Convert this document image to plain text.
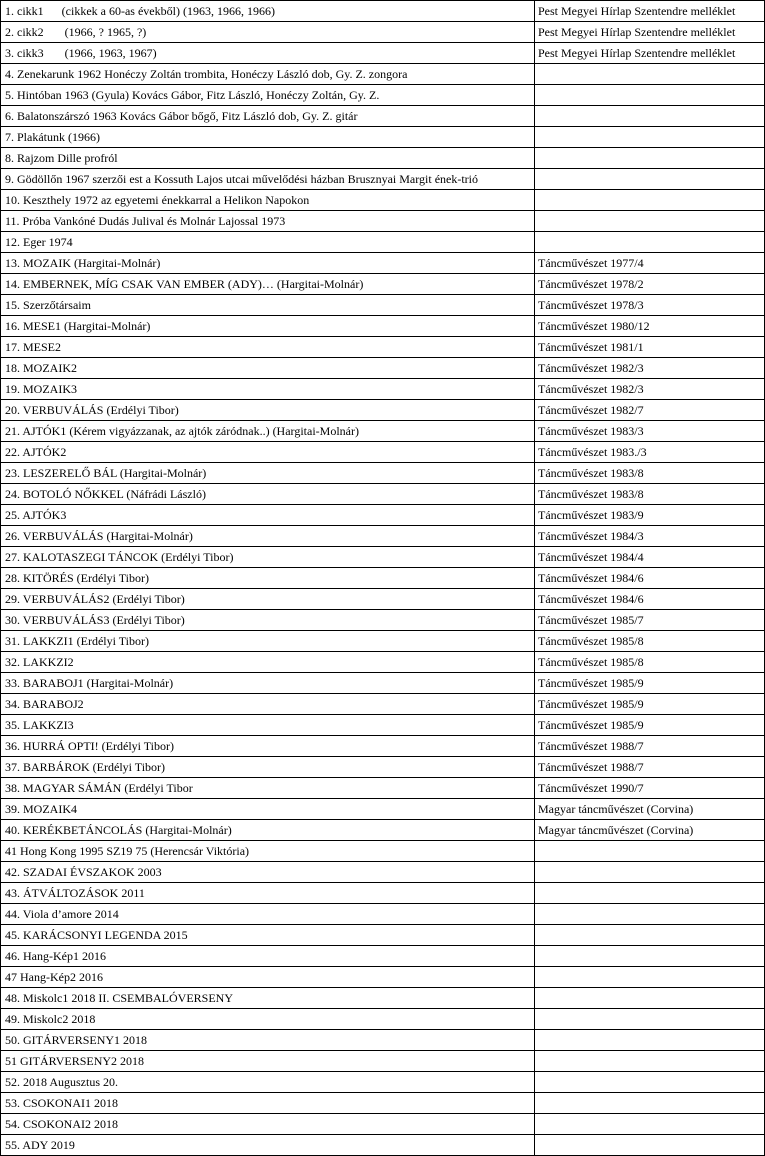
1. cikk1      (cikkek a 60-as évekből) (1963, 1966, 1966)	Pest Megyei Hírlap Szentendre melléklet
2. cikk2       (1966, ? 1965, ?)	Pest Megyei Hírlap Szentendre melléklet
3. cikk3       (1966, 1963, 1967)	Pest Megyei Hírlap Szentendre melléklet
4. Zenekarunk 1962 Honéczy Zoltán trombita, Honéczy László dob, Gy. Z. zongora	
5. Hintóban 1963 (Gyula) Kovács Gábor, Fitz László, Honéczy Zoltán, Gy. Z.	
6. Balatonszárszó 1963 Kovács Gábor bőgő, Fitz László dob, Gy. Z. gitár	
7. Plakátunk (1966)	
8. Rajzom Dille profról	
9. Gödöllőn 1967 szerzői est a Kossuth Lajos utcai művelődési házban Brusznyai Margit ének-trió	
10. Keszthely 1972 az egyetemi énekkarral a Helikon Napokon	
11. Próba Vankóné Dudás Julival és Molnár Lajossal 1973	
12. Eger 1974	
13. MOZAIK (Hargitai-Molnár)	Táncművészet 1977/4
14. EMBERNEK, MÍG CSAK VAN EMBER (ADY)… (Hargitai-Molnár)	Táncművészet 1978/2
15. Szerzőtársaim	Táncművészet 1978/3
16. MESE1 (Hargitai-Molnár)	Táncművészet 1980/12
17. MESE2	Táncművészet 1981/1
18. MOZAIK2	Táncművészet 1982/3
19. MOZAIK3	Táncművészet 1982/3
20. VERBUVÁLÁS (Erdélyi Tibor)	Táncművészet 1982/7
21. AJTÓK1 (Kérem vigyázzanak, az ajtók záródnak..) (Hargitai-Molnár)	Táncművészet 1983/3
22. AJTÓK2	Táncművészet 1983./3
23. LESZERELŐ BÁL (Hargitai-Molnár)	Táncművészet 1983/8
24. BOTOLÓ NŐKKEL (Náfrádi László)	Táncművészet 1983/8
25. AJTÓK3	Táncművészet 1983/9
26. VERBUVÁLÁS (Hargitai-Molnár)	Táncművészet 1984/3
27. KALOTASZEGI TÁNCOK (Erdélyi Tibor)	Táncművészet 1984/4
28. KITÖRÉS (Erdélyi Tibor)	Táncművészet 1984/6
29. VERBUVÁLÁS2 (Erdélyi Tibor)	Táncművészet 1984/6
30. VERBUVÁLÁS3 (Erdélyi Tibor)	Táncművészet 1985/7
31. LAKKZI1 (Erdélyi Tibor)	Táncművészet 1985/8
32. LAKKZI2	Táncművészet 1985/8
33. BARABOJ1 (Hargitai-Molnár)	Táncművészet 1985/9
34. BARABOJ2	Táncművészet 1985/9
35. LAKKZI3	Táncművészet 1985/9
36. HURRÁ OPTI! (Erdélyi Tibor)	Táncművészet 1988/7
37. BARBÁROK (Erdélyi Tibor)	Táncművészet 1988/7
38. MAGYAR SÁMÁN (Erdélyi Tibor	Táncművészet 1990/7
39. MOZAIK4	Magyar táncművészet (Corvina)
40. KERÉKBETÁNCOLÁS (Hargitai-Molnár)	Magyar táncművészet (Corvina)
41 Hong Kong 1995 SZ19 75 (Herencsár Viktória)	
42. SZADAI ÉVSZAKOK 2003	
43. ÁTVÁLTOZÁSOK 2011	
44. Viola d’amore 2014	
45. KARÁCSONYI LEGENDA 2015	
46. Hang-Kép1 2016	
47 Hang-Kép2 2016	
48. Miskolc1 2018 II. CSEMBALÓVERSENY	
49. Miskolc2 2018	
50. GITÁRVERSENY1 2018	
51 GITÁRVERSENY2 2018	
52. 2018 Augusztus 20.	
53. CSOKONAI1 2018	
54. CSOKONAI2 2018	
55. ADY 2019	
